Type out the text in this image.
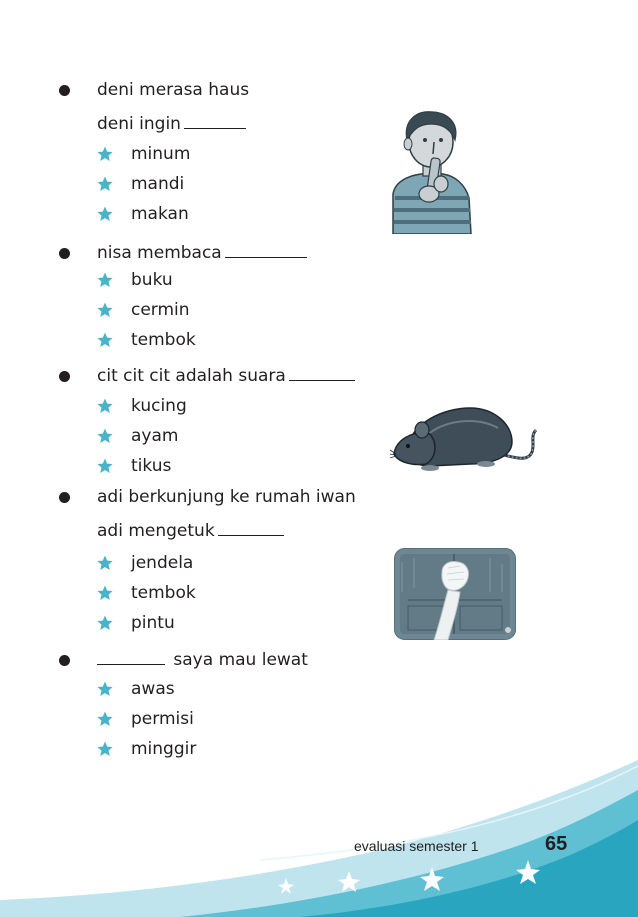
deni merasa haus
deni ingin
minum
mandi
makan
nisa membaca
buku
cermin
tembok
cit cit cit adalah suara
kucing
ayam
tikus
adi berkunjung ke rumah iwan
adi mengetuk
jendela
tembok
pintu
saya mau lewat
awas
permisi
minggir
evaluasi semester 1	65
